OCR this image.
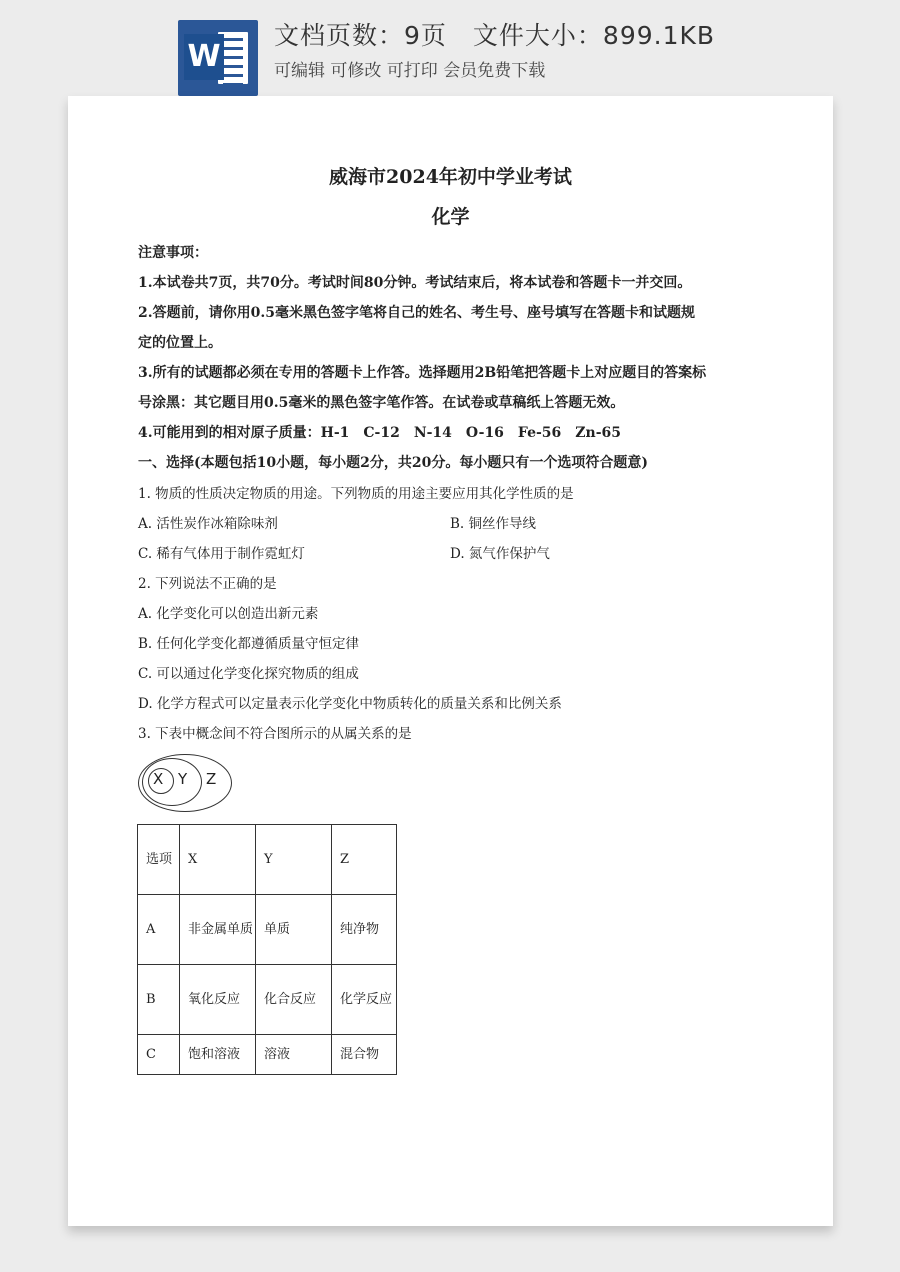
W
文档页数：9页　文件大小：899.1KB
可编辑 可修改 可打印 会员免费下载
威海市2024年初中学业考试
化学
注意事项：
1.本试卷共7页，共70分。考试时间80分钟。考试结束后，将本试卷和答题卡一并交回。
2.答题前，请你用0.5毫米黑色签字笔将自己的姓名、考生号、座号填写在答题卡和试题规
定的位置上。
3.所有的试题都必须在专用的答题卡上作答。选择题用2B铅笔把答题卡上对应题目的答案标
号涂黑：其它题目用0.5毫米的黑色签字笔作答。在试卷或草稿纸上答题无效。
4.可能用到的相对原子质量：H-1　C-12　N-14　O-16　Fe-56　Zn-65
一、选择(本题包括10小题，每小题2分，共20分。每小题只有一个选项符合题意)
1. 物质的性质决定物质的用途。下列物质的用途主要应用其化学性质的是
A. 活性炭作冰箱除味剂	B. 铜丝作导线
C. 稀有气体用于制作霓虹灯	D. 氮气作保护气
2. 下列说法不正确的是
A. 化学变化可以创造出新元素
B. 任何化学变化都遵循质量守恒定律
C. 可以通过化学变化探究物质的组成
D. 化学方程式可以定量表示化学变化中物质转化的质量关系和比例关系
3. 下表中概念间不符合图所示的从属关系的是
X Y Z
选项	X	Y	Z
A	非金属单质	单质	纯净物
B	氧化反应	化合反应	化学反应
C	饱和溶液	溶液	混合物
